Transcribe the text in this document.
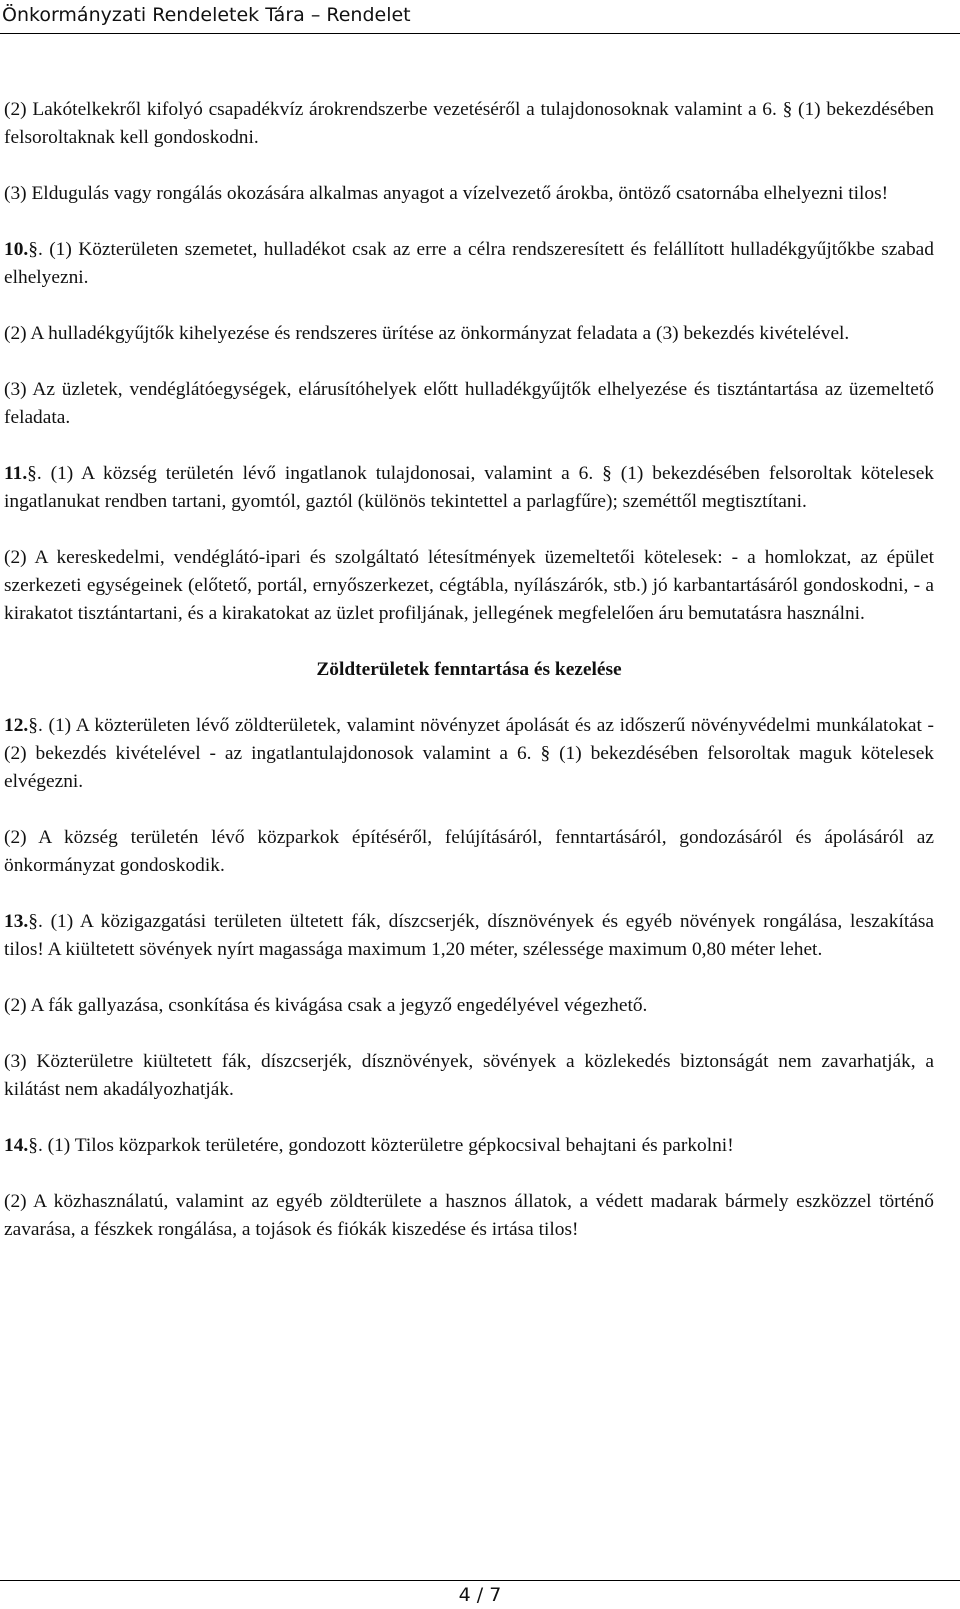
Önkormányzati Rendeletek Tára – Rendelet

(2) Lakótelkekről kifolyó csapadékvíz árokrendszerbe vezetéséről a tulajdonosoknak valamint a 6. § (1) bekezdésében felsoroltaknak kell gondoskodni.

(3) Eldugulás vagy rongálás okozására alkalmas anyagot a vízelvezető árokba, öntöző csatornába elhelyezni tilos!

10.§. (1) Közterületen szemetet, hulladékot csak az erre a célra rendszeresített és felállított hulladékgyűjtőkbe szabad elhelyezni.

(2) A hulladékgyűjtők kihelyezése és rendszeres ürítése az önkormányzat feladata a (3) bekezdés kivételével.

(3) Az üzletek, vendéglátóegységek, elárusítóhelyek előtt hulladékgyűjtők elhelyezése és tisztántartása az üzemeltető feladata.

11.§. (1) A község területén lévő ingatlanok tulajdonosai, valamint a 6. § (1) bekezdésében felsoroltak kötelesek ingatlanukat rendben tartani, gyomtól, gaztól (különös tekintettel a parlagfűre); szeméttől megtisztítani.

(2) A kereskedelmi, vendéglátó-ipari és szolgáltató létesítmények üzemeltetői kötelesek: - a homlokzat, az épület szerkezeti egységeinek (előtető, portál, ernyőszerkezet, cégtábla, nyílászárók, stb.) jó karbantartásáról gondoskodni, - a kirakatot tisztántartani, és a kirakatokat az üzlet profiljának, jellegének megfelelően áru bemutatásra használni.

Zöldterületek fenntartása és kezelése

12.§. (1) A közterületen lévő zöldterületek, valamint növényzet ápolását és az időszerű növényvédelmi munkálatokat - (2) bekezdés kivételével - az ingatlantulajdonosok valamint a 6. § (1) bekezdésében felsoroltak maguk kötelesek elvégezni.

(2) A község területén lévő közparkok építéséről, felújításáról, fenntartásáról, gondozásáról és ápolásáról az önkormányzat gondoskodik.

13.§. (1) A közigazgatási területen ültetett fák, díszcserjék, dísznövények és egyéb növények rongálása, leszakítása tilos! A kiültetett sövények nyírt magassága maximum 1,20 méter, szélessége maximum 0,80 méter lehet.

(2) A fák gallyazása, csonkítása és kivágása csak a jegyző engedélyével végezhető.

(3) Közterületre kiültetett fák, díszcserjék, dísznövények, sövények a közlekedés biztonságát nem zavarhatják, a kilátást nem akadályozhatják.

14.§. (1) Tilos közparkok területére, gondozott közterületre gépkocsival behajtani és parkolni!

(2) A közhasználatú, valamint az egyéb zöldterülete a hasznos állatok, a védett madarak bármely eszközzel történő zavarása, a fészkek rongálása, a tojások és fiókák kiszedése és irtása tilos!

4 / 7
